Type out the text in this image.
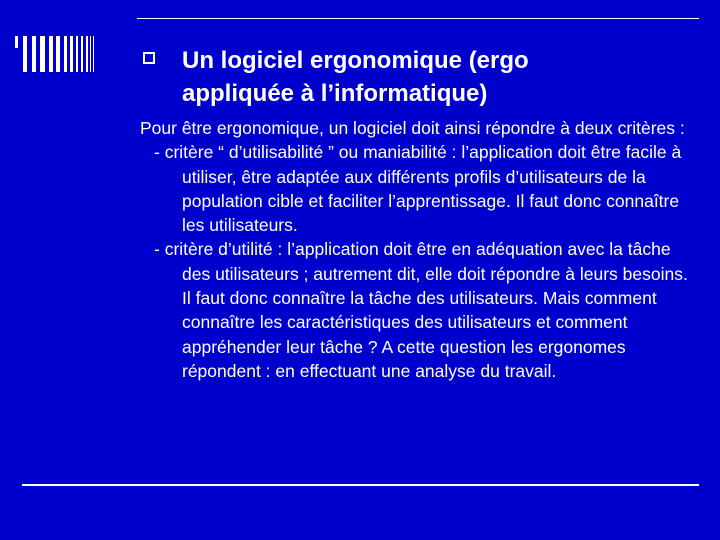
Un logiciel ergonomique (ergo
appliquée à l’informatique)

Pour être ergonomique, un logiciel doit ainsi répondre à deux critères :

- critère “ d’utilisabilité ” ou maniabilité : l’application doit être facile à utiliser, être adaptée aux différents profils d’utilisateurs de la population cible et faciliter l’apprentissage. Il faut donc connaître les utilisateurs.

- critère d’utilité : l’application doit être en adéquation avec la tâche des utilisateurs ; autrement dit, elle doit répondre à leurs besoins. Il faut donc connaître la tâche des utilisateurs. Mais comment connaître les caractéristiques des utilisateurs et comment appréhender leur tâche ? A cette question les ergonomes répondent : en effectuant une analyse du travail.
